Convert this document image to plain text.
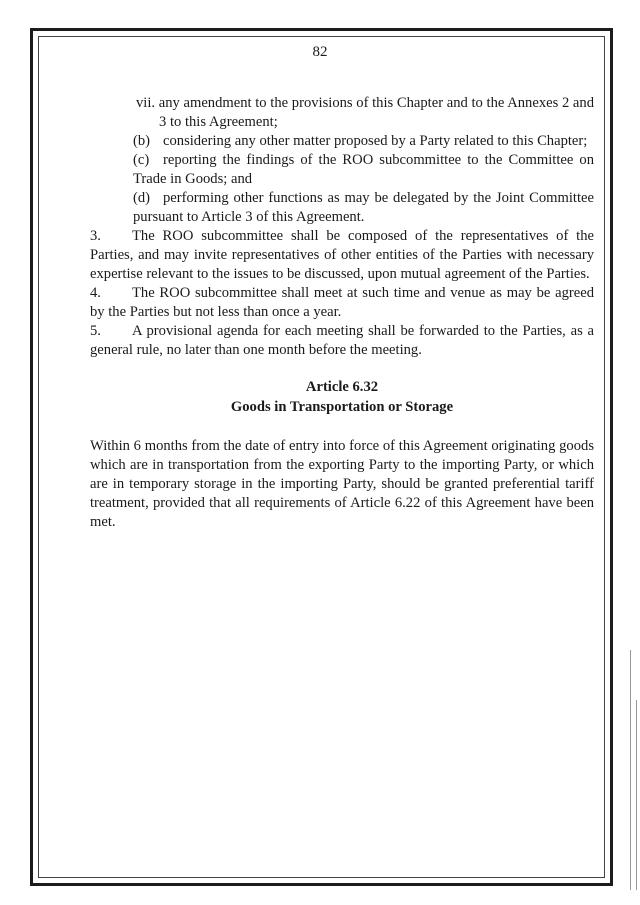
82

vii. any amendment to the provisions of this Chapter and to the Annexes 2 and 3 to this Agreement;

(b) considering any other matter proposed by a Party related to this Chapter;

(c) reporting the findings of the ROO subcommittee to the Committee on Trade in Goods; and

(d) performing other functions as may be delegated by the Joint Committee pursuant to Article 3 of this Agreement.

3. The ROO subcommittee shall be composed of the representatives of the Parties, and may invite representatives of other entities of the Parties with necessary expertise relevant to the issues to be discussed, upon mutual agreement of the Parties.

4. The ROO subcommittee shall meet at such time and venue as may be agreed by the Parties but not less than once a year.

5. A provisional agenda for each meeting shall be forwarded to the Parties, as a general rule, no later than one month before the meeting.

Article 6.32
Goods in Transportation or Storage

Within 6 months from the date of entry into force of this Agreement originating goods which are in transportation from the exporting Party to the importing Party, or which are in temporary storage in the importing Party, should be granted preferential tariff treatment, provided that all requirements of Article 6.22 of this Agreement have been met.
